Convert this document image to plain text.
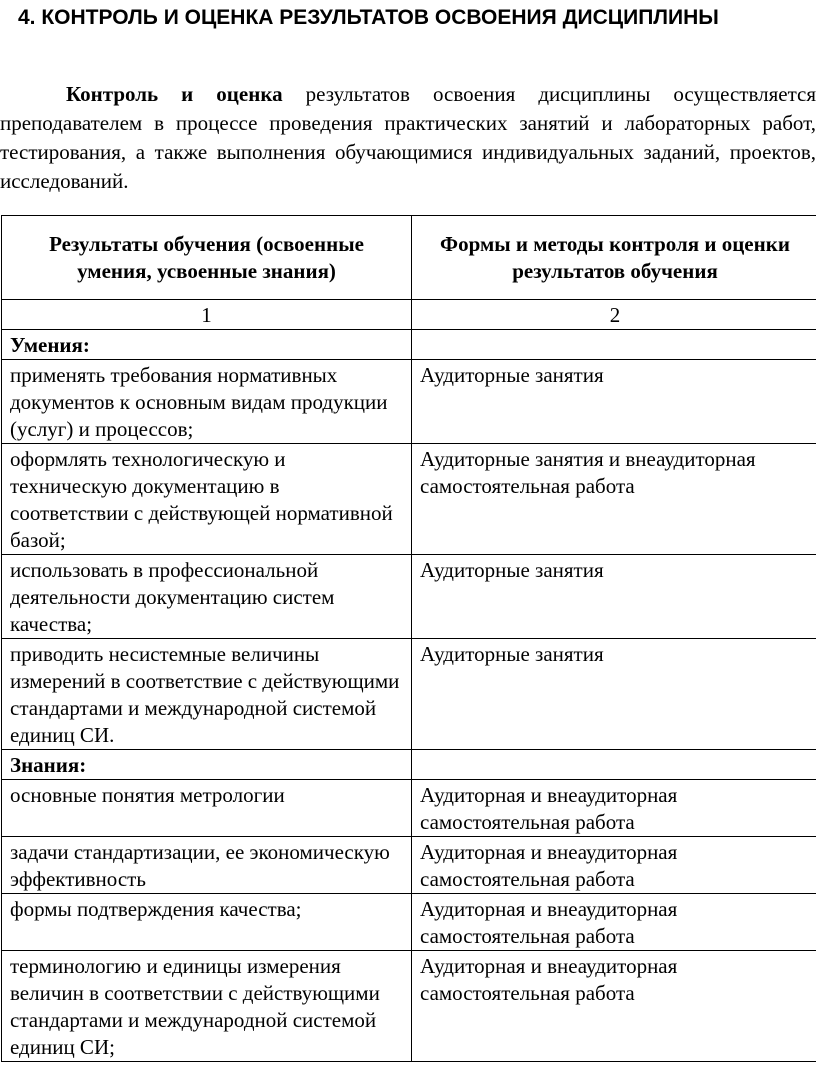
4. КОНТРОЛЬ И ОЦЕНКА РЕЗУЛЬТАТОВ ОСВОЕНИЯ ДИСЦИПЛИНЫ
Контроль и оценка результатов освоения дисциплины осуществляется преподавателем в процессе проведения практических занятий и лабораторных работ, тестирования, а также выполнения обучающимися индивидуальных заданий, проектов, исследований.
Результаты обучения (освоенные умения, усвоенные знания)	Формы и методы контроля и оценки результатов обучения
1	2
Умения:	
применять требования нормативных документов к основным видам продукции (услуг) и процессов;	Аудиторные занятия
оформлять технологическую и техническую документацию в соответствии с действующей нормативной базой;	Аудиторные занятия и внеаудиторная самостоятельная работа
использовать в профессиональной деятельности документацию систем качества;	Аудиторные занятия
приводить несистемные величины измерений в соответствие с действующими стандартами и международной системой единиц СИ.	Аудиторные занятия
Знания:	
основные понятия метрологии	Аудиторная и внеаудиторная самостоятельная работа
задачи стандартизации, ее экономическую эффективность	Аудиторная и внеаудиторная самостоятельная работа
формы подтверждения качества;	Аудиторная и внеаудиторная самостоятельная работа
терминологию и единицы измерения величин в соответствии с действующими стандартами и международной системой единиц СИ;	Аудиторная и внеаудиторная самостоятельная работа
